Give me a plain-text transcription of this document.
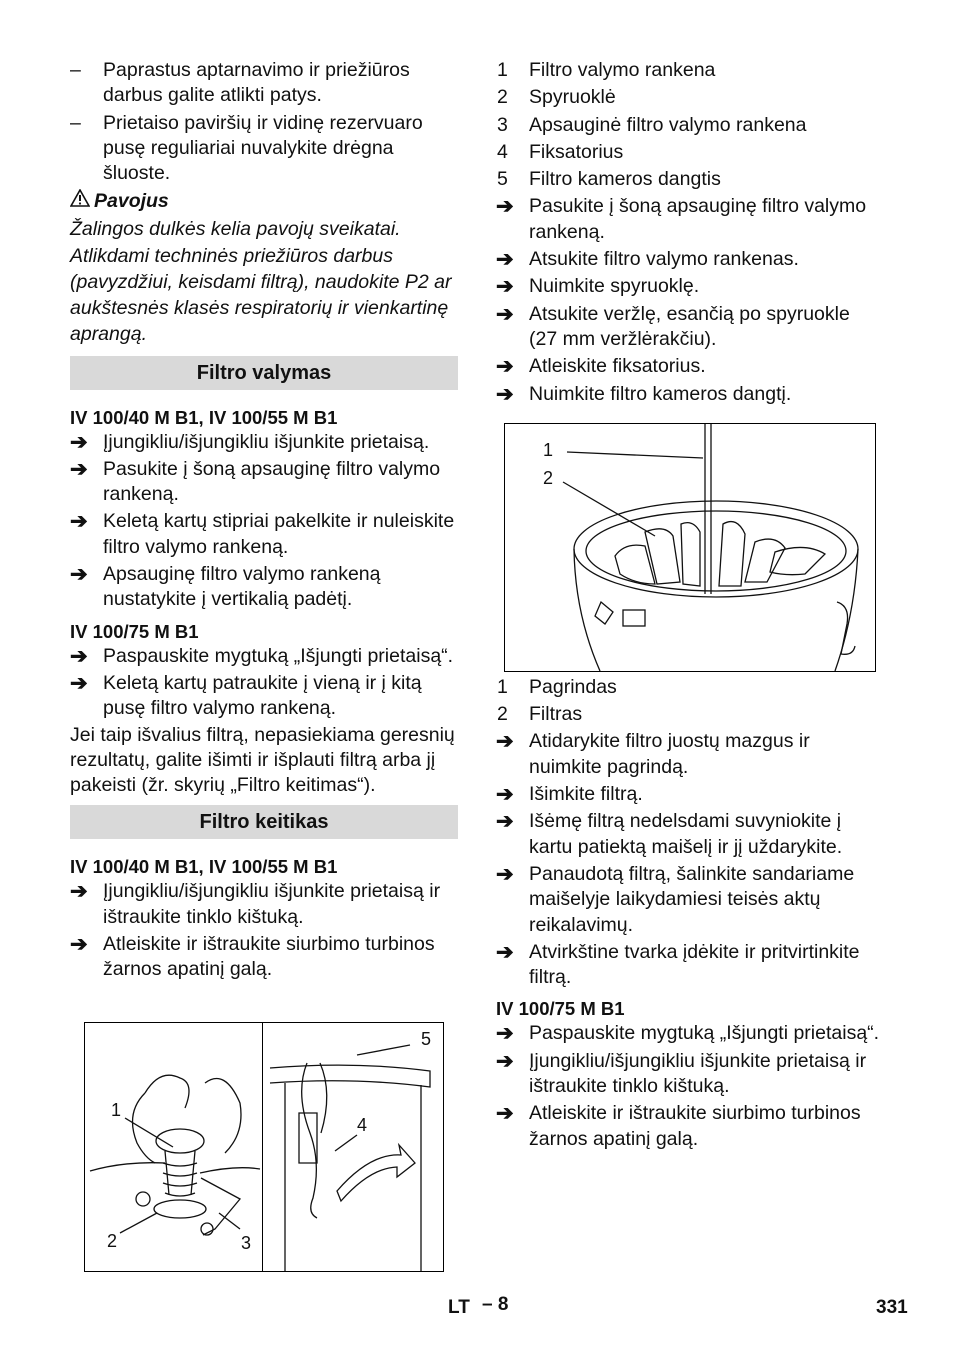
–	Paprastus aptarnavimo ir priežiūros darbus galite atlikti patys.
–	Prietaiso paviršių ir vidinę rezervuaro pusę reguliariai nuvalykite drėgna šluoste.

Pavojus

Žalingos dulkės kelia pavojų sveikatai. Atlikdami techninės priežiūros darbus (pavyzdžiui, keisdami filtrą), naudokite P2 ar aukštesnės klasės respiratorių ir vienkartinę aprangą.

Filtro valymas

IV 100/40 M B1, IV 100/55 M B1

➔ Įjungikliu/išjungikliu išjunkite prietaisą.
➔ Pasukite į šoną apsauginę filtro valymo rankeną.
➔ Keletą kartų stipriai pakelkite ir nuleiskite filtro valymo rankeną.
➔ Apsauginę filtro valymo rankeną nustatykite į vertikalią padėtį.

IV 100/75 M B1

➔ Paspauskite mygtuką „Išjungti prietaisą“.
➔ Keletą kartų patraukite į vieną ir į kitą pusę filtro valymo rankeną.

Jei taip išvalius filtrą, nepasiekiama geresnių rezultatų, galite išimti ir išplauti filtrą arba jį pakeisti (žr. skyrių „Filtro keitimas“).

Filtro keitikas

IV 100/40 M B1, IV 100/55 M B1

➔ Įjungikliu/išjungikliu išjunkite prietaisą ir ištraukite tinklo kištuką.
➔ Atleiskite ir ištraukite siurbimo turbinos žarnos apatinį galą.
1
2	3
4
5
1	Filtro valymo rankena
2	Spyruoklė
3	Apsauginė filtro valymo rankena
4	Fiksatorius
5	Filtro kameros dangtis
➔ Pasukite į šoną apsauginę filtro valymo rankeną.
➔ Atsukite filtro valymo rankenas.
➔ Nuimkite spyruoklę.
➔ Atsukite veržlę, esančią po spyruokle (27 mm veržlėrakčiu).
➔ Atleiskite fiksatorius.
➔ Nuimkite filtro kameros dangtį.
1
2
1	Pagrindas
2	Filtras
➔ Atidarykite filtro juostų mazgus ir nuimkite pagrindą.
➔ Išimkite filtrą.
➔ Išėmę filtrą nedelsdami suvyniokite į kartu patiektą maišelį ir jį uždarykite.
➔ Panaudotą filtrą, šalinkite sandariame maišelyje laikydamiesi teisės aktų reikalavimų.
➔ Atvirkštine tvarka įdėkite ir pritvirtinkite filtrą.

IV 100/75 M B1

➔ Paspauskite mygtuką „Išjungti prietaisą“.
➔ Įjungikliu/išjungikliu išjunkite prietaisą ir ištraukite tinklo kištuką.
➔ Atleiskite ir ištraukite siurbimo turbinos žarnos apatinį galą.
LT – 8	331
